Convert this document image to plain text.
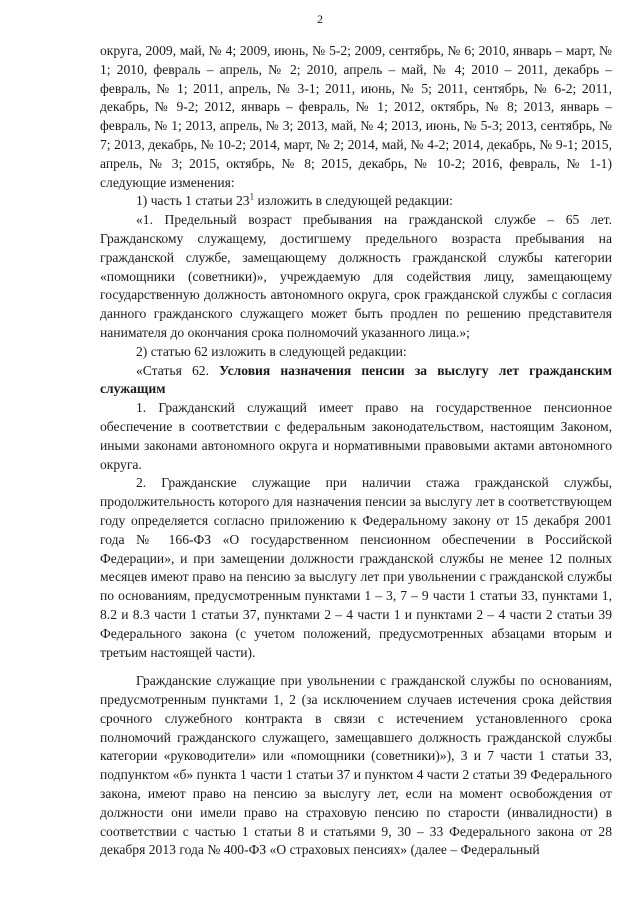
2

округа, 2009, май, № 4; 2009, июнь, № 5-2; 2009, сентябрь, № 6; 2010, январь – март, № 1; 2010, февраль – апрель, № 2; 2010, апрель – май, № 4; 2010 – 2011, декабрь – февраль, № 1; 2011, апрель, № 3-1; 2011, июнь, № 5; 2011, сентябрь, № 6-2; 2011, декабрь, № 9-2; 2012, январь – февраль, № 1; 2012, октябрь, № 8; 2013, январь – февраль, № 1; 2013, апрель, № 3; 2013, май, № 4; 2013, июнь, № 5-3; 2013, сентябрь, № 7; 2013, декабрь, № 10-2; 2014, март, № 2; 2014, май, № 4-2; 2014, декабрь, № 9-1; 2015, апрель, № 3; 2015, октябрь, № 8; 2015, декабрь, № 10-2; 2016, февраль, № 1-1) следующие изменения:

1) часть 1 статьи $23^1$ изложить в следующей редакции:

«1. Предельный возраст пребывания на гражданской службе – 65 лет. Гражданскому служащему, достигшему предельного возраста пребывания на гражданской службе, замещающему должность гражданской службы категории «помощники (советники)», учреждаемую для содействия лицу, замещающему государственную должность автономного округа, срок гражданской службы с согласия данного гражданского служащего может быть продлен по решению представителя нанимателя до окончания срока полномочий указанного лица.»;

2) статью 62 изложить в следующей редакции:

«Статья 62. Условия назначения пенсии за выслугу лет гражданским служащим

1. Гражданский служащий имеет право на государственное пенсионное обеспечение в соответствии с федеральным законодательством, настоящим Законом, иными законами автономного округа и нормативными правовыми актами автономного округа.

2. Гражданские служащие при наличии стажа гражданской службы, продолжительность которого для назначения пенсии за выслугу лет в соответствующем году определяется согласно приложению к Федеральному закону от 15 декабря 2001 года № 166-ФЗ «О государственном пенсионном обеспечении в Российской Федерации», и при замещении должности гражданской службы не менее 12 полных месяцев имеют право на пенсию за выслугу лет при увольнении с гражданской службы по основаниям, предусмотренным пунктами 1 – 3, 7 – 9 части 1 статьи 33, пунктами 1, 8.2 и 8.3 части 1 статьи 37, пунктами 2 – 4 части 1 и пунктами 2 – 4 части 2 статьи 39 Федерального закона (с учетом положений, предусмотренных абзацами вторым и третьим настоящей части).

Гражданские служащие при увольнении с гражданской службы по основаниям, предусмотренным пунктами 1, 2 (за исключением случаев истечения срока действия срочного служебного контракта в связи с истечением установленного срока полномочий гражданского служащего, замещавшего должность гражданской службы категории «руководители» или «помощники (советники)»), 3 и 7 части 1 статьи 33, подпунктом «б» пункта 1 части 1 статьи 37 и пунктом 4 части 2 статьи 39 Федерального закона, имеют право на пенсию за выслугу лет, если на момент освобождения от должности они имели право на страховую пенсию по старости (инвалидности) в соответствии с частью 1 статьи 8 и статьями 9, 30 – 33 Федерального закона от 28 декабря 2013 года № 400-ФЗ «О страховых пенсиях» (далее – Федеральный
